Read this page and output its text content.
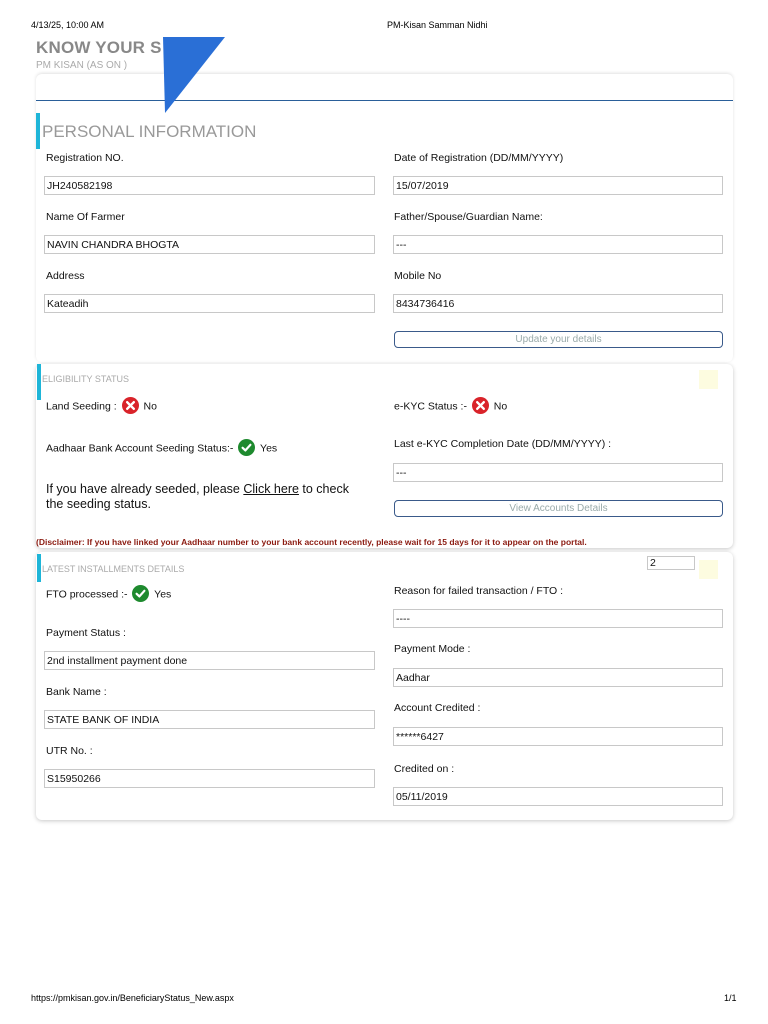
4/13/25, 10:00 AM	PM-Kisan Samman Nidhi
KNOW YOUR S
PM KISAN (AS ON )
PERSONAL INFORMATION
Registration NO.	Date of Registration (DD/MM/YYYY)
JH240582198	15/07/2019
Name Of Farmer	Father/Spouse/Guardian Name:
NAVIN CHANDRA BHOGTA	---
Address	Mobile No
Kateadih	8434736416
Update your details
ELIGIBILITY STATUS
Land Seeding :	No	e-KYC Status :-	No
Aadhaar Bank Account Seeding Status:-	Yes	Last e-KYC Completion Date (DD/MM/YYYY) :
---
If you have already seeded, please Click here to check the seeding status.	View Accounts Details
(Disclaimer: If you have linked your Aadhaar number to your bank account recently, please wait for 15 days for it to appear on the portal.
LATEST INSTALLMENTS DETAILS	2
FTO processed :-	Yes	Reason for failed transaction / FTO :
----
Payment Status :
2nd installment payment done
Payment Mode :
Aadhar
Bank Name :
STATE BANK OF INDIA
Account Credited :
******6427
UTR No. :
S15950266
Credited on :
05/11/2019
https://pmkisan.gov.in/BeneficiaryStatus_New.aspx	1/1
